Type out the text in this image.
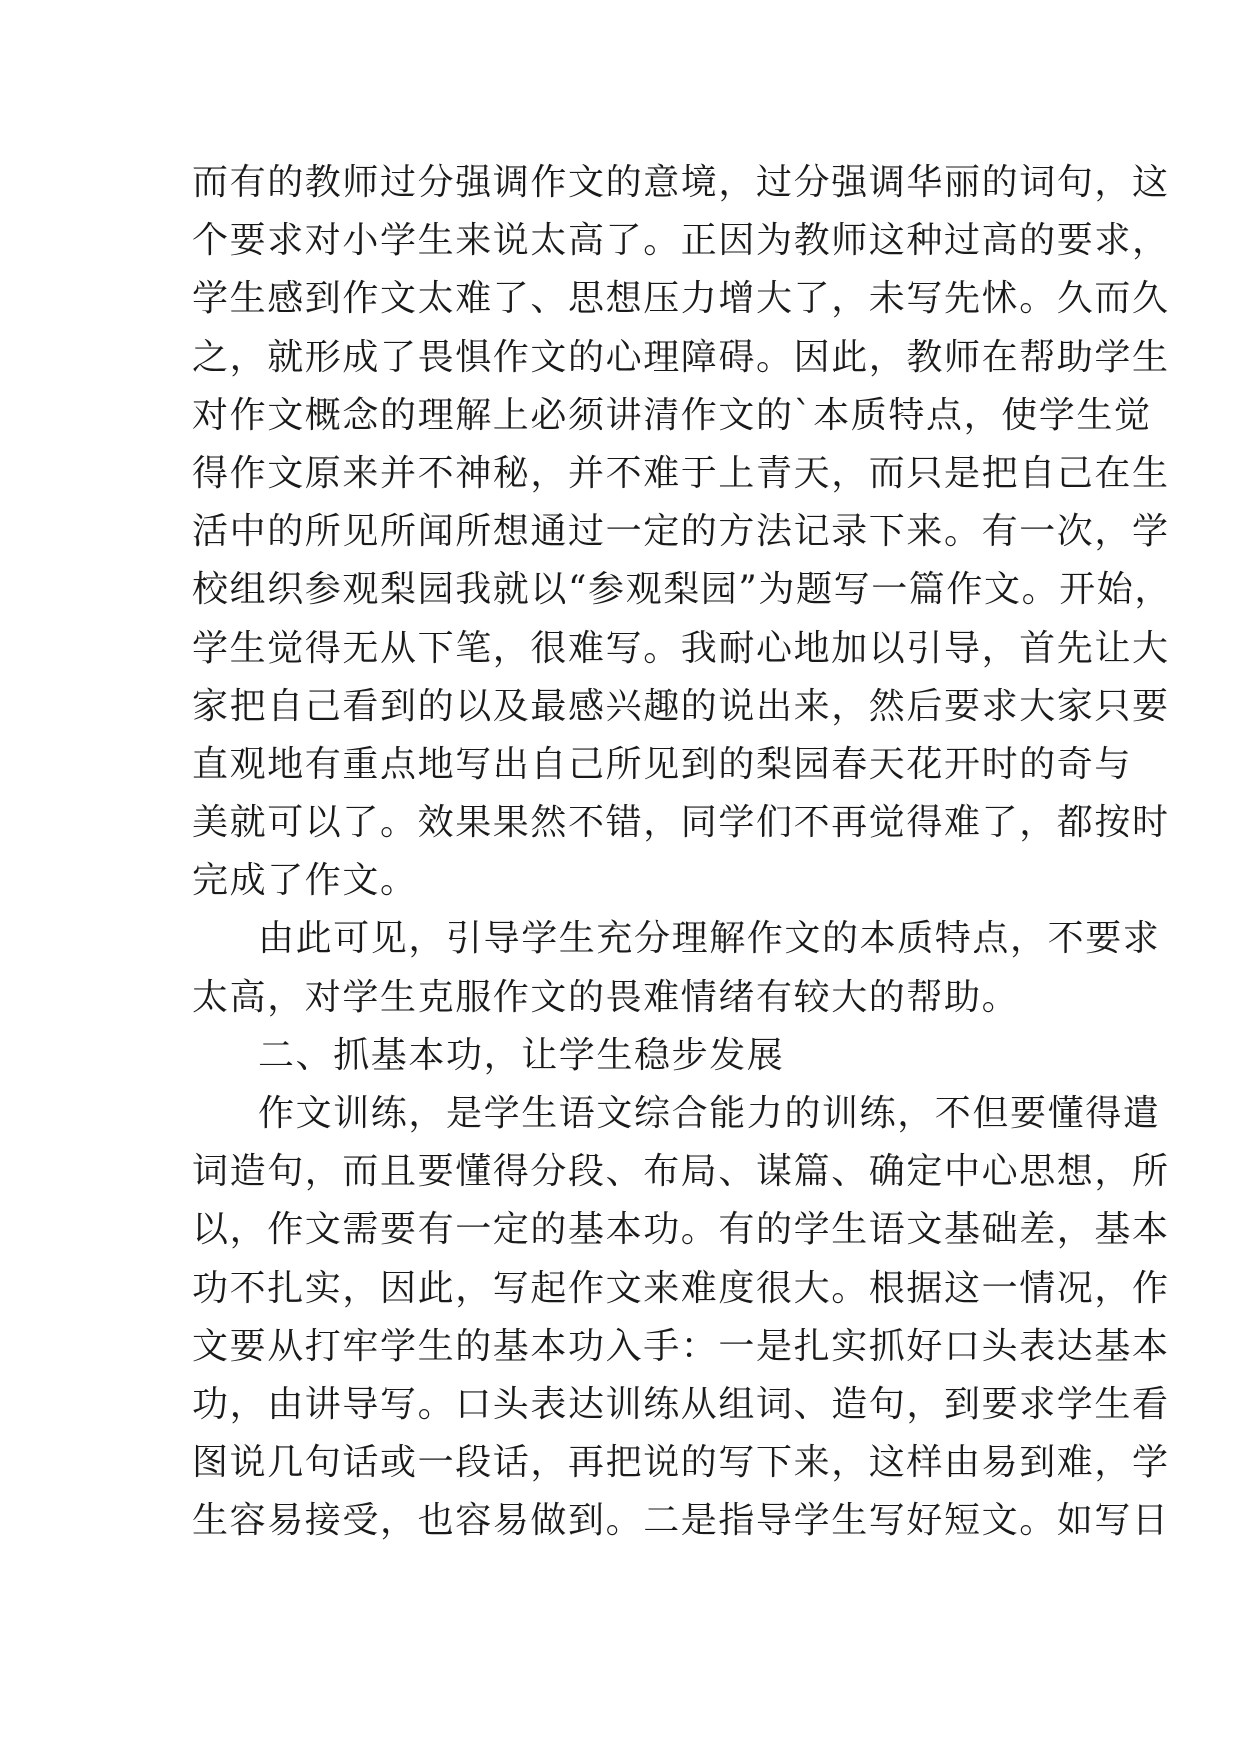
而有的教师过分强调作文的意境，过分强调华丽的词句，这
个要求对小学生来说太高了。正因为教师这种过高的要求，
学生感到作文太难了、思想压力增大了，未写先怵。久而久
之，就形成了畏惧作文的心理障碍。因此，教师在帮助学生
对作文概念的理解上必须讲清作文的`本质特点，使学生觉
得作文原来并不神秘，并不难于上青天，而只是把自己在生
活中的所见所闻所想通过一定的方法记录下来。有一次，学
校组织参观梨园我就以“参观梨园”为题写一篇作文。开始，
学生觉得无从下笔，很难写。我耐心地加以引导，首先让大
家把自己看到的以及最感兴趣的说出来，然后要求大家只要
直观地有重点地写出自己所见到的梨园春天花开时的奇与
美就可以了。效果果然不错，同学们不再觉得难了，都按时
完成了作文。
由此可见，引导学生充分理解作文的本质特点，不要求
太高，对学生克服作文的畏难情绪有较大的帮助。
二、抓基本功，让学生稳步发展
作文训练，是学生语文综合能力的训练，不但要懂得遣
词造句，而且要懂得分段、布局、谋篇、确定中心思想，所
以，作文需要有一定的基本功。有的学生语文基础差，基本
功不扎实，因此，写起作文来难度很大。根据这一情况，作
文要从打牢学生的基本功入手：一是扎实抓好口头表达基本
功，由讲导写。口头表达训练从组词、造句，到要求学生看
图说几句话或一段话，再把说的写下来，这样由易到难，学
生容易接受，也容易做到。二是指导学生写好短文。如写日
